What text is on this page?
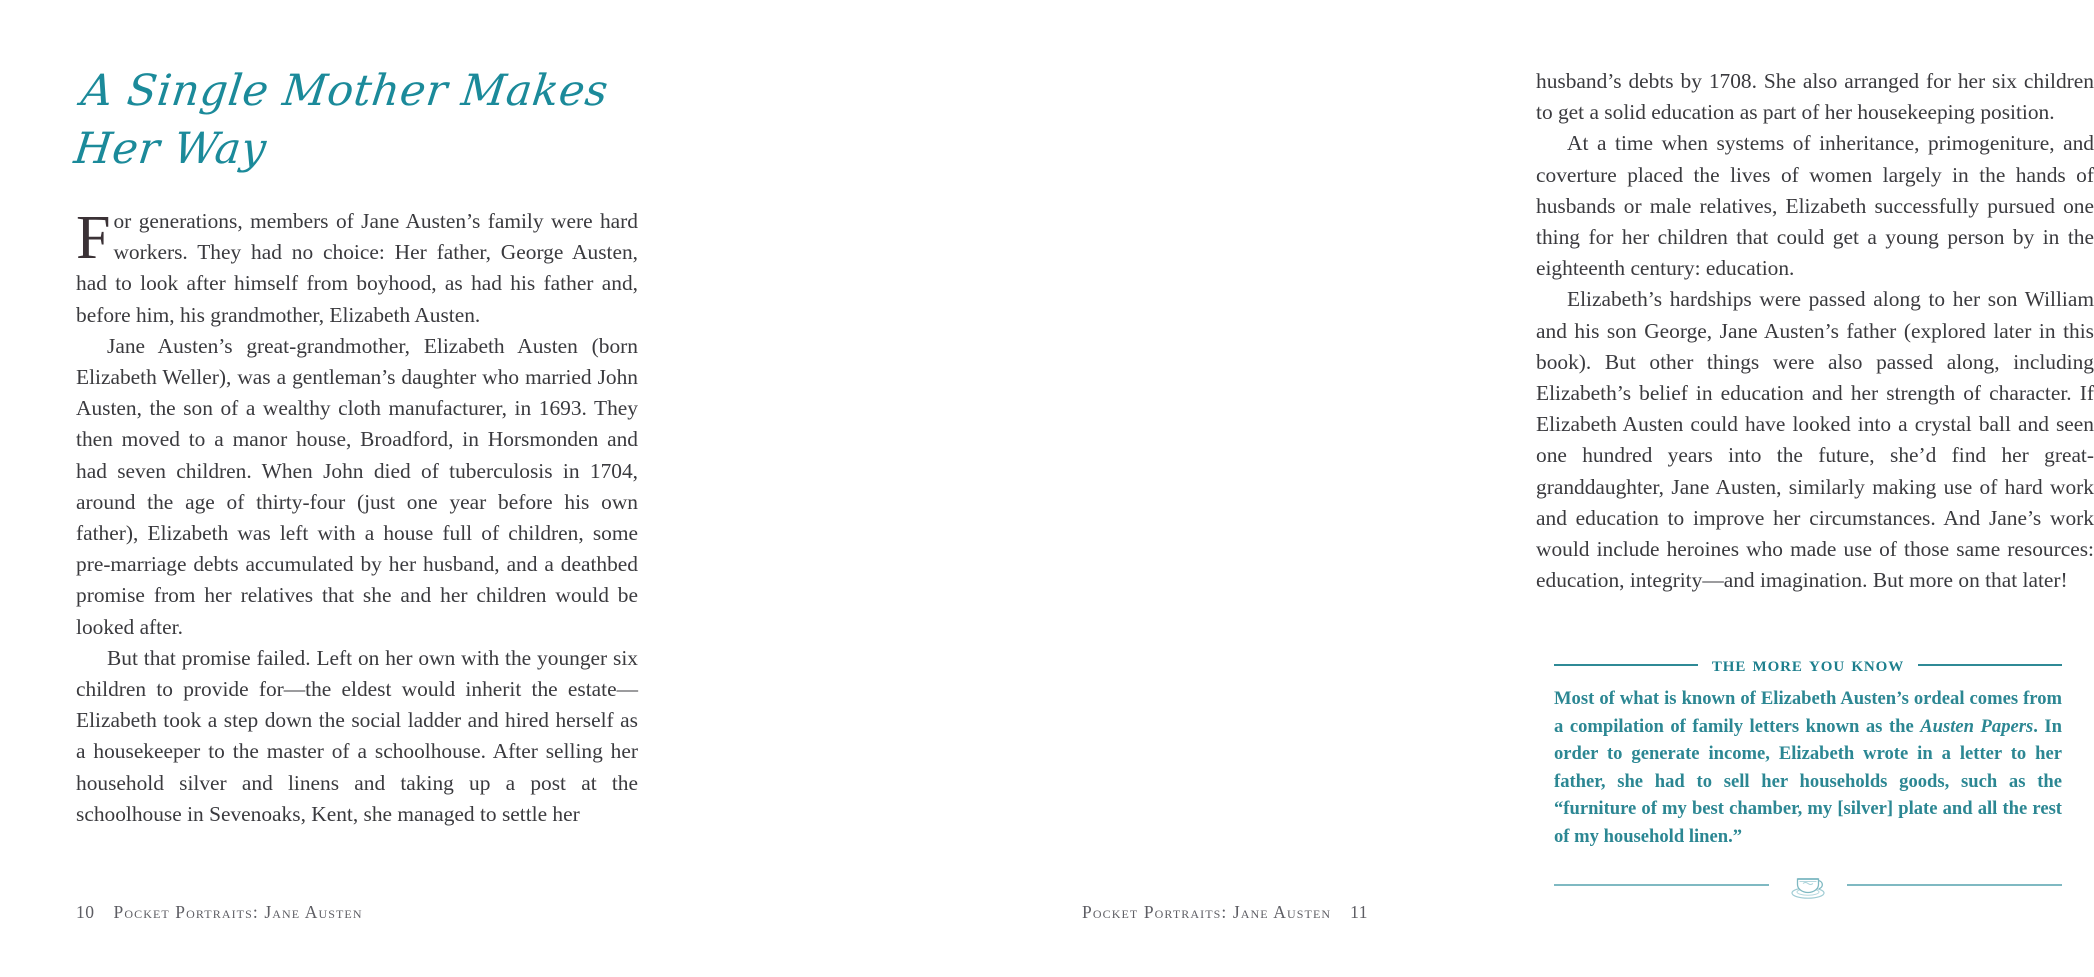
A Single Mother Makes
Her Way

For generations, members of Jane Austen’s family were hard workers. They had no choice: Her father, George Austen, had to look after himself from boyhood, as had his father and, before him, his grandmother, Elizabeth Austen.

Jane Austen’s great-grandmother, Elizabeth Austen (born Elizabeth Weller), was a gentleman’s daughter who married John Austen, the son of a wealthy cloth manufacturer, in 1693. They then moved to a manor house, Broadford, in Horsmonden and had seven children. When John died of tuberculosis in 1704, around the age of thirty-four (just one year before his own father), Elizabeth was left with a house full of children, some pre-marriage debts accumulated by her husband, and a deathbed promise from her relatives that she and her children would be looked after.

But that promise failed. Left on her own with the younger six children to provide for—the eldest would inherit the estate—Elizabeth took a step down the social ladder and hired herself as a housekeeper to the master of a schoolhouse. After selling her household silver and linens and taking up a post at the schoolhouse in Sevenoaks, Kent, she managed to settle her

10 Pocket Portraits: Jane Austen

husband’s debts by 1708. She also arranged for her six children to get a solid education as part of her housekeeping position.

At a time when systems of inheritance, primogeniture, and coverture placed the lives of women largely in the hands of husbands or male relatives, Elizabeth successfully pursued one thing for her children that could get a young person by in the eighteenth century: education.

Elizabeth’s hardships were passed along to her son William and his son George, Jane Austen’s father (explored later in this book). But other things were also passed along, including Elizabeth’s belief in education and her strength of character. If Elizabeth Austen could have looked into a crystal ball and seen one hundred years into the future, she’d find her great-granddaughter, Jane Austen, similarly making use of hard work and education to improve her circumstances. And Jane’s work would include heroines who made use of those same resources: education, integrity—and imagination. But more on that later!

the more you know

Most of what is known of Elizabeth Austen’s ordeal comes from a compilation of family letters known as the Austen Papers. In order to generate income, Elizabeth wrote in a letter to her father, she had to sell her households goods, such as the “furniture of my best chamber, my [silver] plate and all the rest of my household linen.”

Pocket Portraits: Jane Austen 11
